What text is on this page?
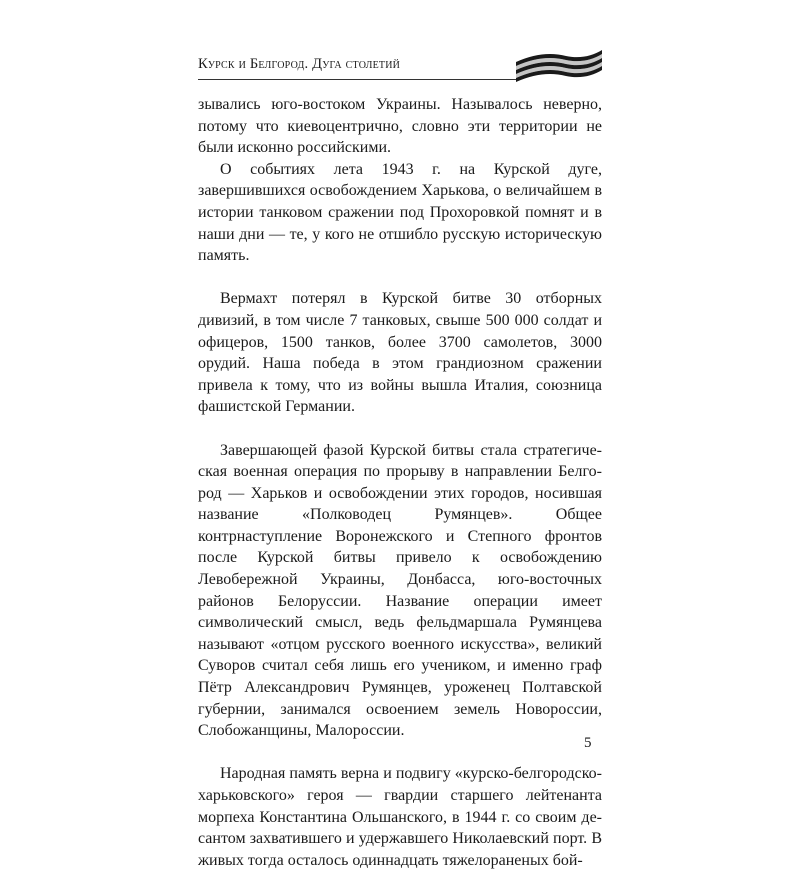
Курск и Белгород. Дуга столетий

зывались юго-востоком Украины. Называлось неверно, потому что киевоцентрично, словно эти территории не были исконно российскими.

О событиях лета 1943 г. на Курской дуге, завершившихся освобождением Харькова, о величайшем в истории танковом сражении под Прохоровкой помнят и в наши дни — те, у кого не отшибло русскую историческую память.

Вермахт потерял в Курской битве 30 отборных дивизий, в том числе 7 танковых, свыше 500 000 солдат и офицеров, 1500 танков, более 3700 самолетов, 3000 орудий. Наша победа в этом грандиозном сражении привела к тому, что из войны вышла Италия, союзница фашистской Германии.

Завершающей фазой Курской битвы стала стратегическая военная операция по прорыву в направлении Белгород — Харьков и освобождении этих городов, носившая название «Полководец Румянцев». Общее контрнаступление Воронежского и Степного фронтов после Курской битвы привело к освобождению Левобережной Украины, Донбасса, юго-восточных районов Белоруссии. Название операции имеет символический смысл, ведь фельдмаршала Румянцева называют «отцом русского военного искусства», великий Суворов считал себя лишь его учеником, и именно граф Пётр Александрович Румянцев, уроженец Полтавской губернии, занимался освоением земель Новороссии, Слобожанщины, Малороссии.

Народная память верна и подвигу «курско-белгородско-харьковского» героя — гвардии старшего лейтенанта морпеха Константина Ольшанского, в 1944 г. со своим десантом захватившего и удержавшего Николаевский порт. В живых тогда осталось одиннадцать тяжелораненых бой-

5
